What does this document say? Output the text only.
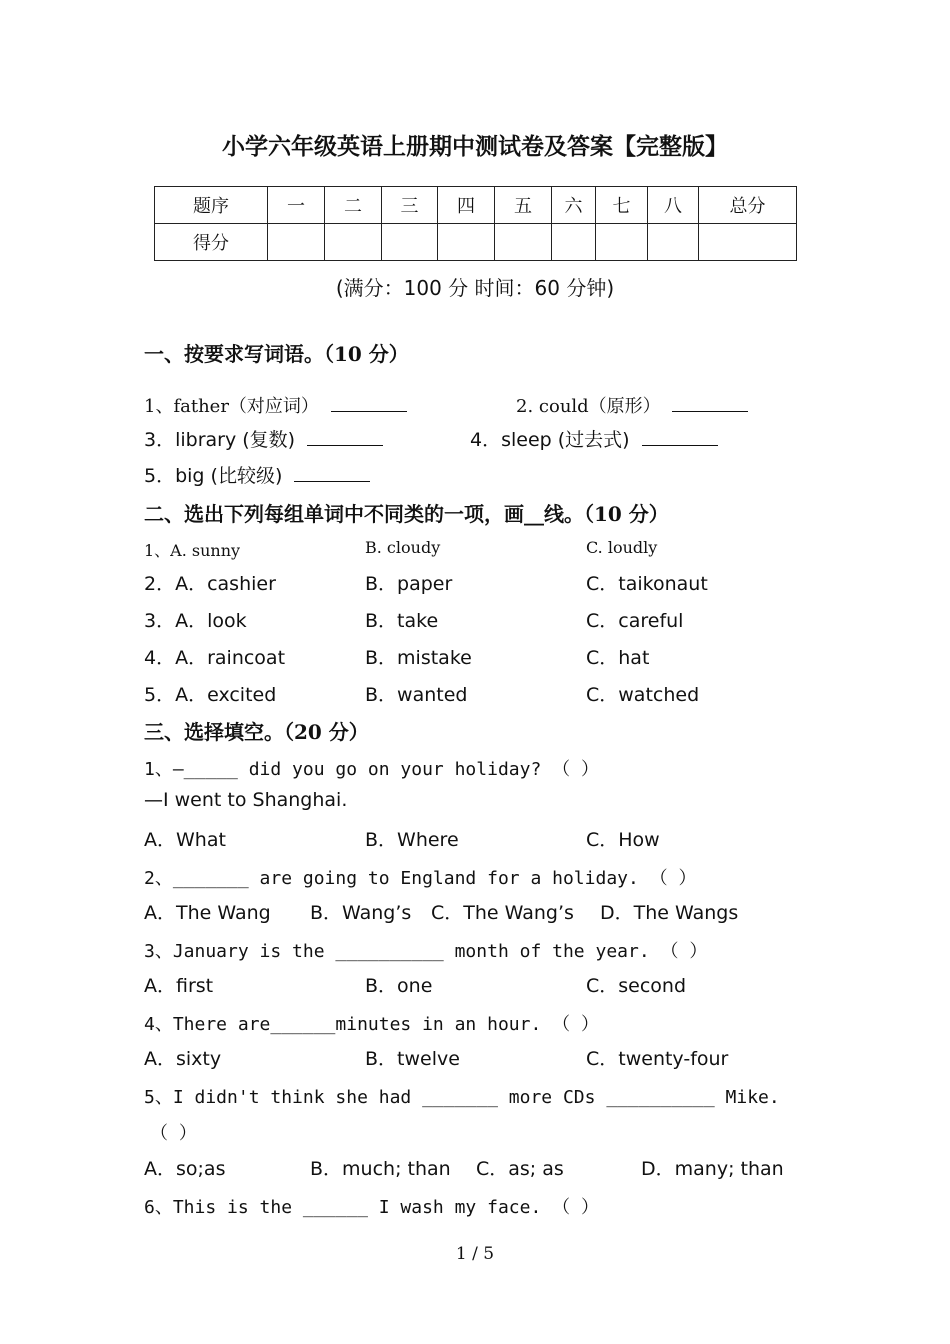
小学六年级英语上册期中测试卷及答案【完整版】
题序	一	二	三	四	五	六	七	八	总分
得分									
(满分：100 分 时间：60 分钟)
一、按要求写词语。（10 分）
1、father（对应词）	2. could（原形）
3．library (复数)	4．sleep (过去式)
5．big (比较级)
二、选出下列每组单词中不同类的一项，画__线。（10 分）
1、A. sunny	B. cloudy	C. loudly
2．A．cashier	B．paper	C．taikonaut
3．A．look	B．take	C．careful
4．A．raincoat	B．mistake	C．hat
5．A．excited	B．wanted	C．watched
三、选择填空。（20 分）
1、—_____ did you go on your holiday? （ ）
—I went to Shanghai.
A．What	B．Where	C．How
2、_______ are going to England for a holiday. （ ）
A．The Wang B．Wang’s C．The Wang’s D．The Wangs
3、January is the __________ month of the year. （ ）
A．first	B．one	C．second
4、There are______minutes in an hour. （ ）
A．sixty	B．twelve	C．twenty-four
5、I didn't think she had _______ more CDs __________ Mike.
（ ）
A．so;as	B．much; than C．as; as	D．many; than
6、This is the ______ I wash my face. （ ）
1 / 5
